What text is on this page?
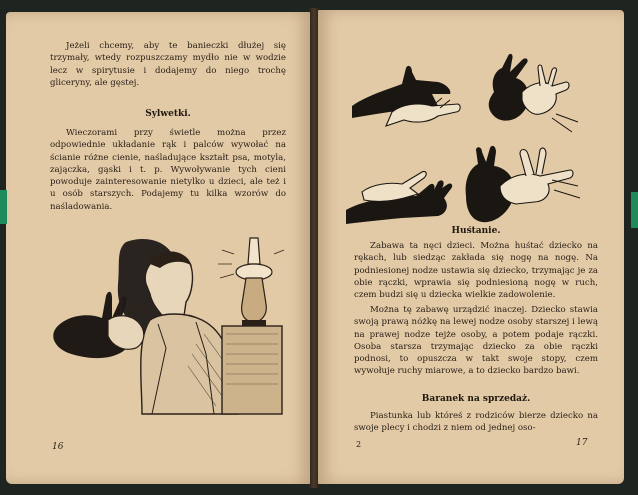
Jeżeli chcemy, aby te banieczki dłużej się trzymały, wtedy rozpuszczamy mydło nie w wodzie lecz w spirytusie i dodajemy do niego trochę gliceryny, ale gęstej.
Sylwetki.
Wieczorami przy świetle można przez odpowiednie układanie rąk i palców wywołać na ścianie różne cienie, naśladujące kształt psa, motyla, zajączka, gąski i t. p. Wywoływanie tych cieni powoduje zainteresowanie nietylko u dzieci, ale też i u osób starszych. Podajemy tu kilka wzorów do naśladowania.
16
Huśtanie.
Zabawa ta nęci dzieci. Można huśtać dziecko na rękach, lub siedząc zakłada się nogę na nogę. Na podniesionej nodze ustawia się dziecko, trzymając je za obie rączki, wprawia się podniesioną nogę w ruch, czem budzi się u dziecka wielkie zadowolenie.
Można tę zabawę urządzić inaczej. Dziecko stawia swoją prawą nóżkę na lewej nodze osoby starszej i lewą na prawej nodze tejże osoby, a potem podaje rączki. Osoba starsza trzymając dziecko za obie rączki podnosi, to opuszcza w takt swoje stopy, czem wywołuje ruchy miarowe, a to dziecko bardzo bawi.
Baranek na sprzedaż.
Piastunka lub któreś z rodziców bierze dziecko na swoje plecy i chodzi z niem od jednej oso-
2	17
